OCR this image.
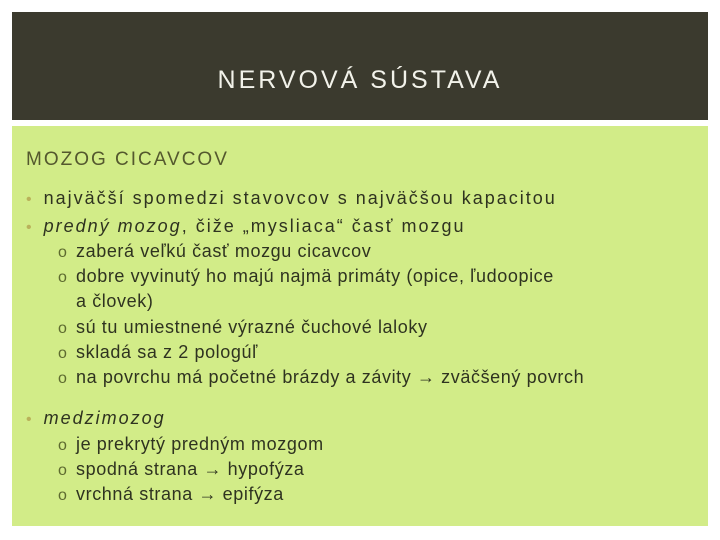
NERVOVÁ SÚSTAVA
MOZOG CICAVCOV
• najväčší spomedzi stavovcov s najväčšou kapacitou
• predný mozog, čiže „mysliaca“ časť mozgu
o zaberá veľkú časť mozgu cicavcov
o dobre vyvinutý ho majú najmä primáty (opice, ľudoopice
a človek)
o sú tu umiestnené výrazné čuchové laloky
o skladá sa z 2 pologúľ
o na povrchu má početné brázdy a závity → zväčšený povrch
• medzimozog
o je prekrytý predným mozgom
o spodná strana → hypofýza
o vrchná strana → epifýza
